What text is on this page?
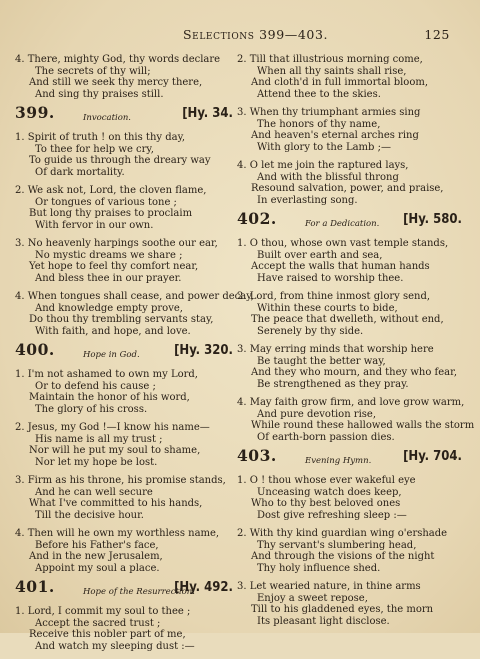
Selections 399—403.	125
4. There, mighty God, thy words declare
The secrets of thy will;
And still we seek thy mercy there,
And sing thy praises still.
399.	Invocation.	[Hy. 34.
1. Spirit of truth ! on this thy day,
To thee for help we cry,
To guide us through the dreary way
Of dark mortality.
2. We ask not, Lord, the cloven flame,
Or tongues of various tone ;
But long thy praises to proclaim
With fervor in our own.
3. No heavenly harpings soothe our ear,
No mystic dreams we share ;
Yet hope to feel thy comfort near,
And bless thee in our prayer.
4. When tongues shall cease, and power decay,
And knowledge empty prove,
Do thou thy trembling servants stay,
With faith, and hope, and love.
400.	Hope in God.	[Hy. 320.
1. I'm not ashamed to own my Lord,
Or to defend his cause ;
Maintain the honor of his word,
The glory of his cross.
2. Jesus, my God !—I know his name—
His name is all my trust ;
Nor will he put my soul to shame,
Nor let my hope be lost.
3. Firm as his throne, his promise stands,
And he can well secure
What I've committed to his hands,
Till the decisive hour.
4. Then will he own my worthless name,
Before his Father's face,
And in the new Jerusalem,
Appoint my soul a place.
401.	Hope of the Resurrection.
[Hy. 492.
1. Lord, I commit my soul to thee ;
Accept the sacred trust ;
Receive this nobler part of me,
And watch my sleeping dust :—
2. Till that illustrious morning come,
When all thy saints shall rise,
And cloth'd in full immortal bloom,
Attend thee to the skies.
3. When thy triumphant armies sing
The honors of thy name,
And heaven's eternal arches ring
With glory to the Lamb ;—
4. O let me join the raptured lays,
And with the blissful throng
Resound salvation, power, and praise,
In everlasting song.
402.	For a Dedication. [Hy. 580.
1. O thou, whose own vast temple stands,
Built over earth and sea,
Accept the walls that human hands
Have raised to worship thee.
2. Lord, from thine inmost glory send,
Within these courts to bide,
The peace that dwelleth, without end,
Serenely by thy side.
3. May erring minds that worship here
Be taught the better way,
And they who mourn, and they who fear,
Be strengthened as they pray.
4. May faith grow firm, and love grow warm,
And pure devotion rise,
While round these hallowed walls the storm
Of earth-born passion dies.
403.	Evening Hymn. [Hy. 704.
1. O ! thou whose ever wakeful eye
Unceasing watch does keep,
Who to thy best beloved ones
Dost give refreshing sleep :—
2. With thy kind guardian wing o'ershade
Thy servant's slumbering head,
And through the visions of the night
Thy holy influence shed.
3. Let wearied nature, in thine arms
Enjoy a sweet repose,
Till to his gladdened eyes, the morn
Its pleasant light disclose.
